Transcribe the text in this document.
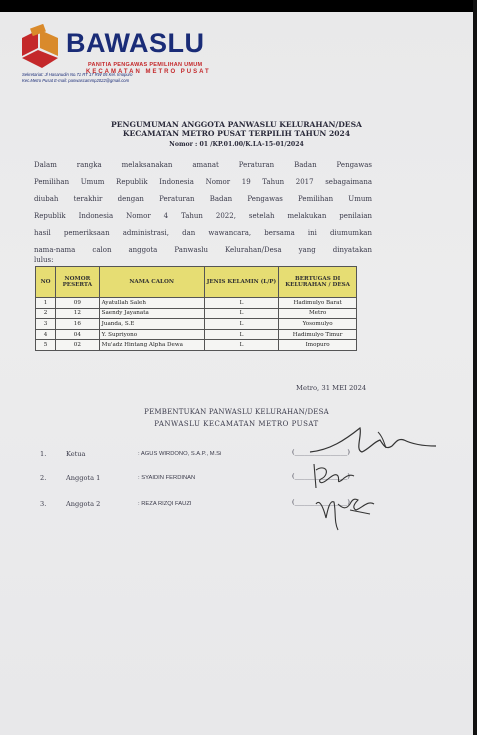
BAWASLU
PANITIA PENGAWAS PEMILIHAN UMUM
KECAMATAN METRO PUSAT
Sekretariat: Jl Hasanudin No.71 RT 17 RW 05 Kel. Imopuro
Kec.Metro Pusat E-mail: panwascammp2022@gmail.com
PENGUMUMAN ANGGOTA PANWASLU KELURAHAN/DESA
KECAMATAN METRO PUSAT TERPILIH TAHUN 2024
Nomor : 01 /KP.01.00/K.LA-15-01/2024
Dalam rangka melaksanakan amanat Peraturan Badan Pengawas
Pemilihan Umum Republik Indonesia Nomor 19 Tahun 2017 sebagaimana
diubah terakhir dengan Peraturan Badan Pengawas Pemilihan Umum
Republik Indonesia Nomor 4 Tahun 2022, setelah melakukan penilaian
hasil pemeriksaan administrasi, dan wawancara, bersama ini diumumkan
nama-nama calon anggota Panwaslu Kelurahan/Desa yang dinyatakan
lulus:
NO	NOMOR PESERTA	NAMA CALON	JENIS KELAMIN (L/P)	BERTUGAS DI KELURAHAN / DESA
1	09	Ayatullah Saleh	L	Hadimulyo Barat
2	12	Saendy Jayanata	L	Metro
3	16	Juanda, S.E	L	Yosomulyo
4	04	Y. Supriyono	L	Hadimulyo Timur
5	02	Mu'adz Hintang Alpha Dewa	L	Imopuro
Metro, 31 MEI 2024
PEMBENTUKAN PANWASLU KELURAHAN/DESA
PANWASLU KECAMATAN METRO PUSAT
1.	Ketua	: AGUS WIRDONO, S.A.P., M.Si	(________________)
2.	Anggota 1	: SYAIDIN FERDINAN	(________________)
3.	Anggota 2	: REZA RIZQI FAUZI	(________________)
